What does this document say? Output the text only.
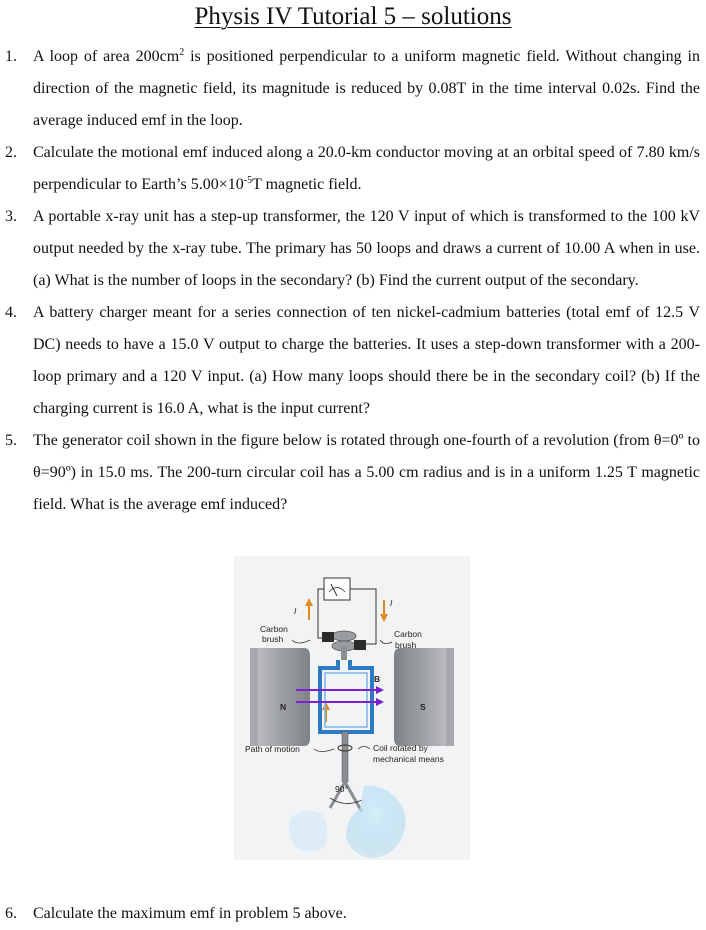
Physis IV Tutorial 5 – solutions
1. A loop of area $200cm^2$ is positioned perpendicular to a uniform magnetic field. Without changing in direction of the magnetic field, its magnitude is reduced by 0.08T in the time interval 0.02s. Find the average induced emf in the loop.
2. Calculate the motional emf induced along a 20.0-km conductor moving at an orbital speed of 7.80 km/s perpendicular to Earth’s $5.00\times 10^{-5}T$ magnetic field.
3. A portable x-ray unit has a step-up transformer, the 120 V input of which is transformed to the 100 kV output needed by the x-ray tube. The primary has 50 loops and draws a current of 10.00 A when in use. (a) What is the number of loops in the secondary? (b) Find the current output of the secondary.
4. A battery charger meant for a series connection of ten nickel-cadmium batteries (total emf of 12.5 V DC) needs to have a 15.0 V output to charge the batteries. It uses a step-down transformer with a 200-loop primary and a 120 V input. (a) How many loops should there be in the secondary coil? (b) If the charging current is 16.0 A, what is the input current?
5. The generator coil shown in the figure below is rotated through one-fourth of a revolution (from θ=0º to θ=90º) in 15.0 ms. The 200-turn circular coil has a 5.00 cm radius and is in a uniform 1.25 T magnetic field. What is the average emf induced?
I
I
N	S
B
Carbon
brush	Carbon
brush
Path of motion	Coil rotated by
mechanical means
90°
6. Calculate the maximum emf in problem 5 above.
